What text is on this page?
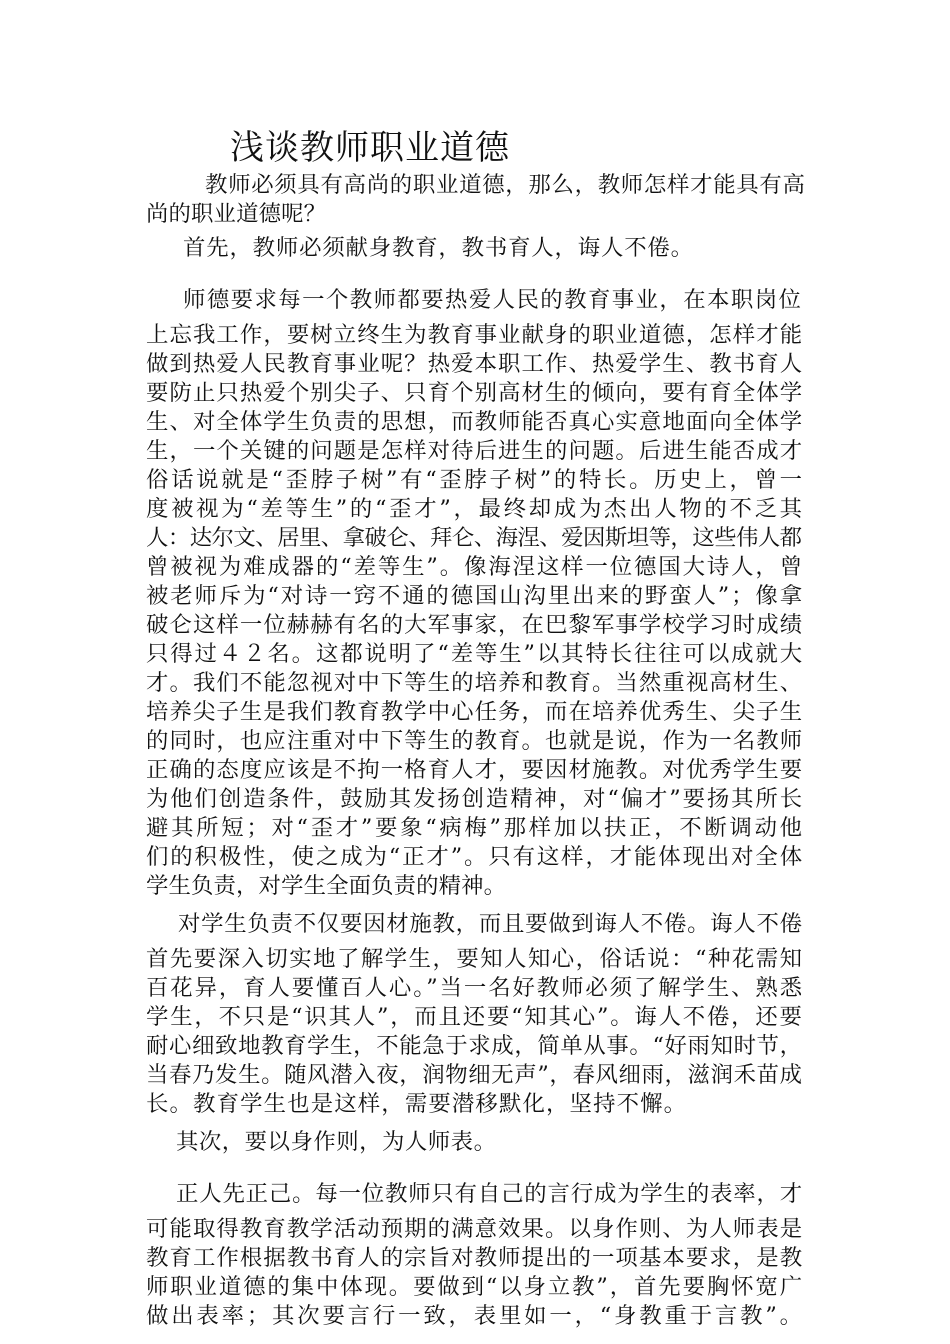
浅谈教师职业道德
教师必须具有高尚的职业道德，那么，教师怎样才能具有高
尚的职业道德呢？
首先，教师必须献身教育，教书育人，诲人不倦。
师德要求每一个教师都要热爱人民的教育事业，在本职岗位
上忘我工作，要树立终生为教育事业献身的职业道德，怎样才能
做到热爱人民教育事业呢？热爱本职工作、热爱学生、教书育人
要防止只热爱个别尖子、只育个别高材生的倾向，要有育全体学
生、对全体学生负责的思想，而教师能否真心实意地面向全体学
生，一个关键的问题是怎样对待后进生的问题。后进生能否成才
俗话说就是“歪脖子树”有“歪脖子树”的特长。历史上，曾一
度被视为“差等生”的“歪才”，最终却成为杰出人物的不乏其
人：达尔文、居里、拿破仑、拜仑、海涅、爱因斯坦等，这些伟人都
曾被视为难成器的“差等生”。像海涅这样一位德国大诗人，曾
被老师斥为“对诗一窍不通的德国山沟里出来的野蛮人”；像拿
破仑这样一位赫赫有名的大军事家，在巴黎军事学校学习时成绩
只得过４２名。这都说明了“差等生”以其特长往往可以成就大
才。我们不能忽视对中下等生的培养和教育。当然重视高材生、
培养尖子生是我们教育教学中心任务，而在培养优秀生、尖子生
的同时，也应注重对中下等生的教育。也就是说，作为一名教师
正确的态度应该是不拘一格育人才，要因材施教。对优秀学生要
为他们创造条件，鼓励其发扬创造精神，对“偏才”要扬其所长
避其所短；对“歪才”要象“病梅”那样加以扶正，不断调动他
们的积极性，使之成为“正才”。只有这样，才能体现出对全体
学生负责，对学生全面负责的精神。
对学生负责不仅要因材施教，而且要做到诲人不倦。诲人不倦
首先要深入切实地了解学生，要知人知心，俗话说：“种花需知
百花异，育人要懂百人心。”当一名好教师必须了解学生、熟悉
学生，不只是“识其人”，而且还要“知其心”。诲人不倦，还要
耐心细致地教育学生，不能急于求成，简单从事。“好雨知时节，
当春乃发生。随风潜入夜，润物细无声”，春风细雨，滋润禾苗成
长。教育学生也是这样，需要潜移默化，坚持不懈。
其次，要以身作则，为人师表。
正人先正己。每一位教师只有自己的言行成为学生的表率，才
可能取得教育教学活动预期的满意效果。以身作则、为人师表是
教育工作根据教书育人的宗旨对教师提出的一项基本要求，是教
师职业道德的集中体现。要做到“以身立教”，首先要胸怀宽广
做出表率；其次要言行一致，表里如一，“身教重于言教”。
